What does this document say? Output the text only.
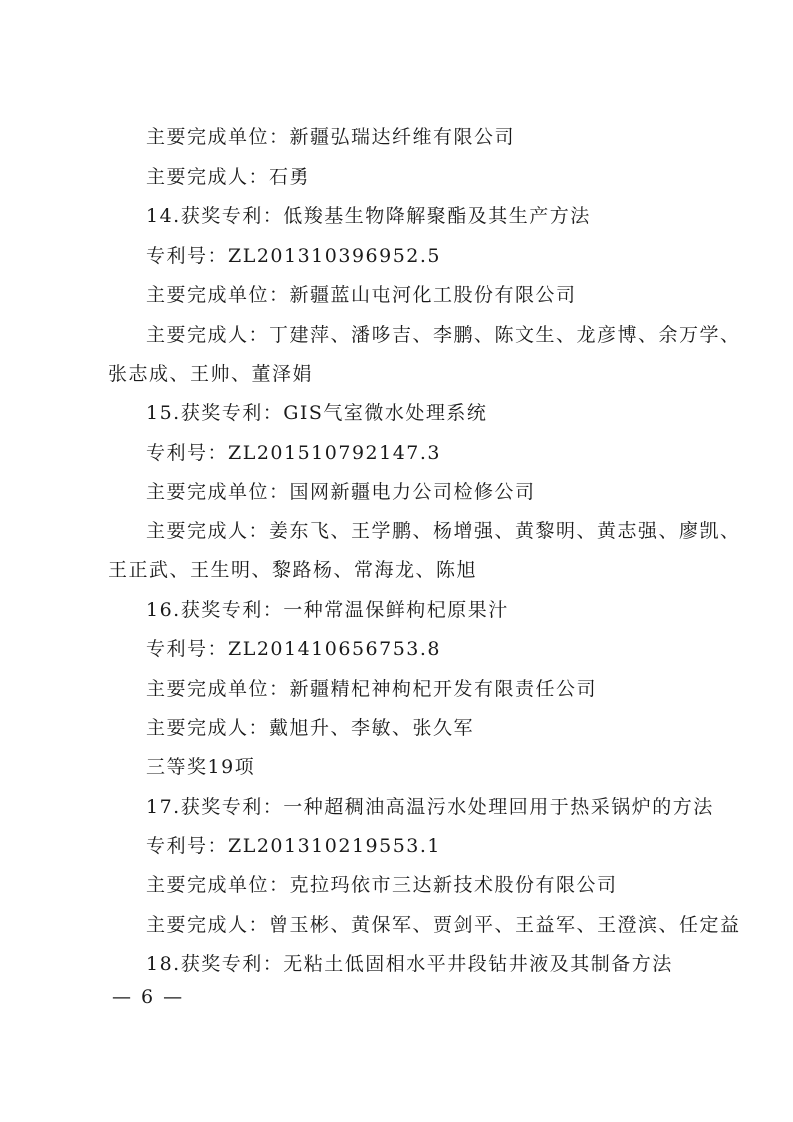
主要完成单位：新疆弘瑞达纤维有限公司
主要完成人：石勇
14.获奖专利：低羧基生物降解聚酯及其生产方法
专利号：ZL201310396952.5
主要完成单位：新疆蓝山屯河化工股份有限公司
主要完成人：丁建萍、潘哆吉、李鹏、陈文生、龙彦博、余万学、
张志成、王帅、董泽娟
15.获奖专利：GIS气室微水处理系统
专利号：ZL201510792147.3
主要完成单位：国网新疆电力公司检修公司
主要完成人：姜东飞、王学鹏、杨增强、黄黎明、黄志强、廖凯、
王正武、王生明、黎路杨、常海龙、陈旭
16.获奖专利：一种常温保鲜枸杞原果汁
专利号：ZL201410656753.8
主要完成单位：新疆精杞神枸杞开发有限责任公司
主要完成人：戴旭升、李敏、张久军
三等奖19项
17.获奖专利：一种超稠油高温污水处理回用于热采锅炉的方法
专利号：ZL201310219553.1
主要完成单位：克拉玛依市三达新技术股份有限公司
主要完成人：曾玉彬、黄保军、贾剑平、王益军、王澄滨、任定益
18.获奖专利：无粘土低固相水平井段钻井液及其制备方法
— 6 —
